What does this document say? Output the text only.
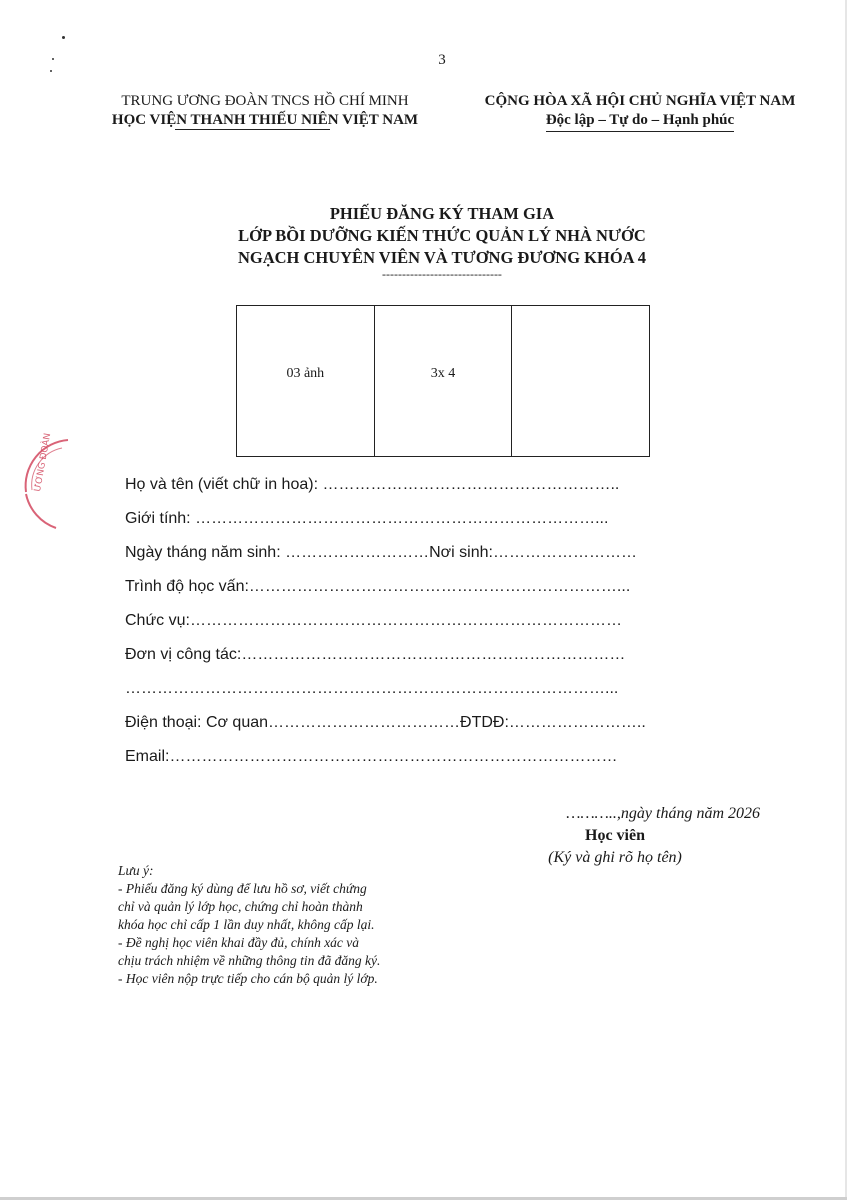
3
TRUNG ƯƠNG ĐOÀN TNCS HỒ CHÍ MINH
HỌC VIỆN THANH THIẾU NIÊN VIỆT NAM
CỘNG HÒA XÃ HỘI CHỦ NGHĨA VIỆT NAM
Độc lập – Tự do – Hạnh phúc
PHIẾU ĐĂNG KÝ THAM GIA
LỚP BỒI DƯỠNG KIẾN THỨC QUẢN LÝ NHÀ NƯỚC
NGẠCH CHUYÊN VIÊN VÀ TƯƠNG ĐƯƠNG KHÓA 4
------------------------------
03 ảnh	3x 4
Họ và tên (viết chữ in hoa): ………………………………………………..
Giới tính: …………………………………………………………………...
Ngày tháng năm sinh: ………………………Nơi sinh:………………………
Trình độ học vấn:……………………………………………………………...
Chức vụ:………………………………………………………………………
Đơn vị công tác:………………………………………………………………
………………………………………………………………………………...
Điện thoại: Cơ quan………………………………ĐTDĐ:……………………..
Email:…………………………………………………………………………
………..,ngày tháng năm 2026
Học viên
(Ký và ghi rõ họ tên)
Lưu ý:
- Phiếu đăng ký dùng để lưu hồ sơ, viết chứng
chỉ và quản lý lớp học, chứng chỉ hoàn thành
khóa học chỉ cấp 1 lần duy nhất, không cấp lại.
- Đề nghị học viên khai đầy đủ, chính xác và
chịu trách nhiệm về những thông tin đã đăng ký.
- Học viên nộp trực tiếp cho cán bộ quản lý lớp.
ƯƠNG ĐOÀN
